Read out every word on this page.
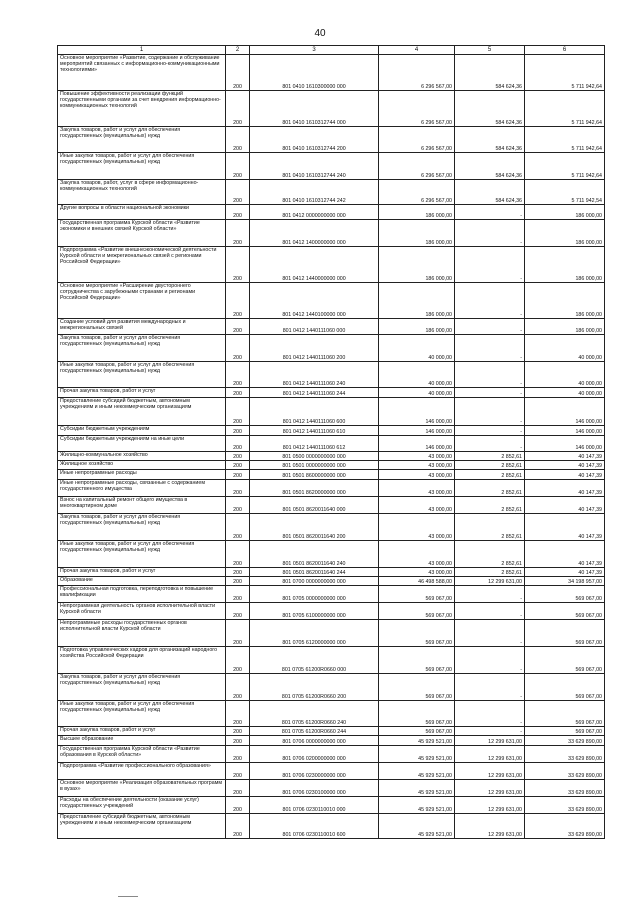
40
1	2	3	4	5	6
Основное мероприятие «Развитие, содержание и обслуживание мероприятий связанных с информационно-коммуникационными технологиями»	200	801 0410 1610300000 000	6 296 567,00	584 624,36	5 711 942,64
Повышение эффективности реализации функций государственными органами за счет внедрения информационно-коммуникационных технологий	200	801 0410 1610312744 000	6 296 567,00	584 624,36	5 711 942,64
Закупка товаров, работ и услуг для обеспечения государственных (муниципальных) нужд	200	801 0410 1610312744 200	6 296 567,00	584 624,36	5 711 942,64
Иные закупки товаров, работ и услуг для обеспечения государственных (муниципальных) нужд	200	801 0410 1610312744 240	6 296 567,00	584 624,36	5 711 942,64
Закупка товаров, работ, услуг в сфере информационно-коммуникационных технологий	200	801 0410 1610312744 242	6 296 567,00	584 624,36	5 711 942,54
Другие вопросы в области национальной экономики	200	801 0412 0000000000 000	186 000,00	-	186 000,00
Государственная программа Курской области «Развитие экономики и внешних связей Курской области»	200	801 0412 1400000000 000	186 000,00	-	186 000,00
Подпрограмма «Развитие внешнеэкономической деятельности Курской области и межрегиональных связей с регионами Российской Федерации»	200	801 0412 1440000000 000	186 000,00	-	186 000,00
Основное мероприятие «Расширение двустороннего сотрудничества с зарубежными странами и регионами Российской Федерации»	200	801 0412 1440100000 000	186 000,00	-	186 000,00
Создание условий для развития международных и межрегиональных связей	200	801 0412 1440111060 000	186 000,00	-	186 000,00
Закупка товаров, работ и услуг для обеспечения государственных (муниципальных) нужд	200	801 0412 1440111060 200	40 000,00	-	40 000,00
Иные закупки товаров, работ и услуг для обеспечения государственных (муниципальных) нужд	200	801 0412 1440111060 240	40 000,00	-	40 000,00
Прочая закупка товаров, работ и услуг	200	801 0412 1440111060 244	40 000,00	-	40 000,00
Предоставление субсидий бюджетным, автономным учреждениям и иным некоммерческим организациям	200	801 0412 1440111060 600	146 000,00	-	146 000,00
Субсидии бюджетным учреждениям	200	801 0412 1440111060 610	146 000,00	-	146 000,00
Субсидии бюджетным учреждениям на иные цели	200	801 0412 1440111060 612	146 000,00	-	146 000,00
Жилищно-коммунальное хозяйство	200	801 0500 0000000000 000	43 000,00	2 852,61	40 147,39
Жилищное хозяйство	200	801 0501 0000000000 000	43 000,00	2 852,61	40 147,39
Иные непрограммные расходы	200	801 0501 8600000000 000	43 000,00	2 852,61	40 147,39
Иные непрограммные расходы, связанные с содержанием государственного имущества	200	801 0501 8620000000 000	43 000,00	2 852,61	40 147,39
Взнос на капитальный ремонт общего имущества в многоквартирном доме	200	801 0501 8620011640 000	43 000,00	2 852,61	40 147,39
Закупка товаров, работ и услуг для обеспечения государственных (муниципальных) нужд	200	801 0501 8620011640 200	43 000,00	2 852,61	40 147,39
Иные закупки товаров, работ и услуг для обеспечения государственных (муниципальных) нужд	200	801 0501 8620011640 240	43 000,00	2 852,61	40 147,39
Прочая закупка товаров, работ и услуг	200	801 0501 8620011640 244	43 000,00	2 852,61	40 147,39
Образование	200	801 0700 0000000000 000	46 498 588,00	12 299 631,00	34 198 957,00
Профессиональная подготовка, переподготовка и повышение квалификации	200	801 0705 0000000000 000	569 067,00	-	569 067,00
Непрограммная деятельность органов исполнительной власти Курской области	200	801 0705 6100000000 000	569 067,00	-	569 067,00
Непрограммные расходы государственных органов исполнительной власти Курской области	200	801 0705 6120000000 000	569 067,00	-	569 067,00
Подготовка управленческих кадров для организаций народного хозяйства Российской Федерации	200	801 0705 61200R0660 000	569 067,00	-	569 067,00
Закупка товаров, работ и услуг для обеспечения государственных (муниципальных) нужд	200	801 0705 61200R0660 200	569 067,00	-	569 067,00
Иные закупки товаров, работ и услуг для обеспечения государственных (муниципальных) нужд	200	801 0705 61200R0660 240	569 067,00	-	569 067,00
Прочая закупка товаров, работ и услуг	200	801 0705 61200R0660 244	569 067,00	-	569 067,00
Высшее образование	200	801 0706 0000000000 000	45 929 521,00	12 299 631,00	33 629 890,00
Государственная программа Курской области «Развитие образования в Курской области»	200	801 0706 0200000000 000	45 929 521,00	12 299 631,00	33 629 890,00
Подпрограмма «Развитие профессионального образования»	200	801 0706 0230000000 000	45 929 521,00	12 299 631,00	33 629 890,00
Основное мероприятие «Реализация образовательных программ в вузах»	200	801 0706 0230100000 000	45 929 521,00	12 299 631,00	33 629 890,00
Расходы на обеспечение деятельности (оказание услуг) государственных учреждений	200	801 0706 0230110010 000	45 929 521,00	12 299 631,00	33 629 890,00
Предоставление субсидий бюджетным, автономным учреждениям и иным некоммерческим организациям	200	801 0706 0230110010 600	45 929 521,00	12 299 631,00	33 629 890,00
